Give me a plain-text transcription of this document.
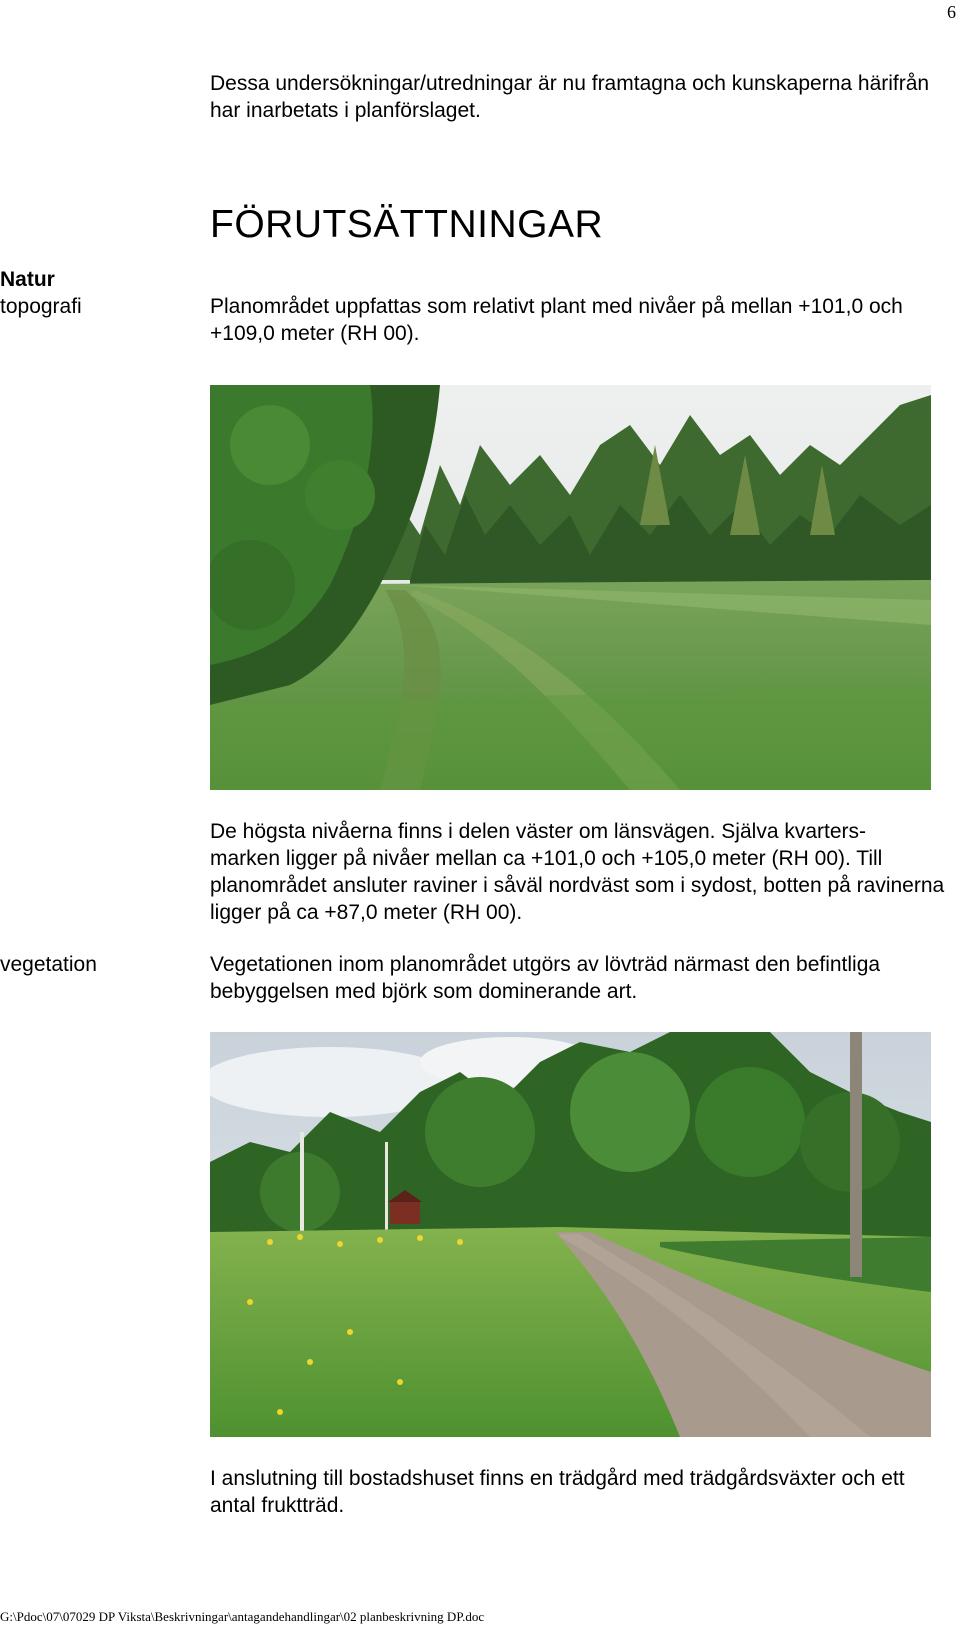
6
Dessa undersökningar/utredningar är nu framtagna och kunskaperna härifrån har inarbetats i planförslaget.
FÖRUTSÄTTNINGAR
Natur
topografi	Planområdet uppfattas som relativt plant med nivåer på mellan +101,0 och +109,0 meter (RH 00).
De högsta nivåerna finns i delen väster om länsvägen. Själva kvarters-
marken ligger på nivåer mellan ca +101,0 och +105,0 meter (RH 00). Till planområdet ansluter raviner i såväl nordväst som i sydost, botten på ravinerna ligger på ca +87,0 meter (RH 00).
vegetation	Vegetationen inom planområdet utgörs av lövträd närmast den befintliga bebyggelsen med björk som dominerande art.
I anslutning till bostadshuset finns en trädgård med trädgårdsväxter och ett antal fruktträd.
G:\Pdoc\07\07029 DP Viksta\Beskrivningar\antagandehandlingar\02 planbeskrivning DP.doc
